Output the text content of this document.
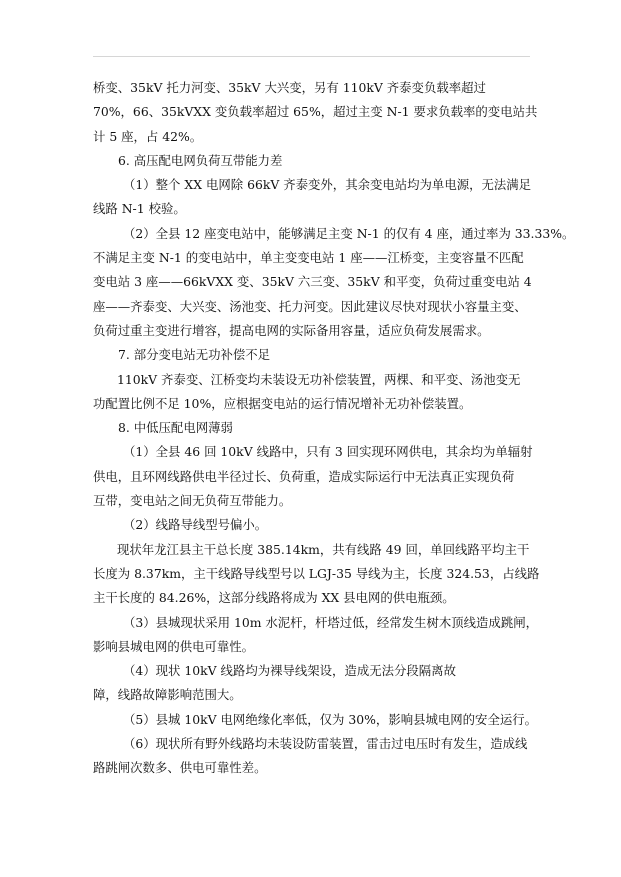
桥变、35kV 托力河变、35kV 大兴变，另有 110kV 齐泰变负载率超过
70%，66、35kVXX 变负载率超过 65%，超过主变 N-1 要求负载率的变电站共
计 5 座，占 42%。
6. 高压配电网负荷互带能力差
（1）整个 XX 电网除 66kV 齐泰变外，其余变电站均为单电源，无法满足
线路 N-1 校验。
（2）全县 12 座变电站中，能够满足主变 N-1 的仅有 4 座，通过率为 33.33%。
不满足主变 N-1 的变电站中，单主变变电站 1 座——江桥变，主变容量不匹配
变电站 3 座——66kVXX 变、35kV 六三变、35kV 和平变，负荷过重变电站 4
座——齐泰变、大兴变、汤池变、托力河变。因此建议尽快对现状小容量主变、
负荷过重主变进行增容，提高电网的实际备用容量，适应负荷发展需求。
7. 部分变电站无功补偿不足
110kV 齐泰变、江桥变均未装设无功补偿装置，两棵、和平变、汤池变无
功配置比例不足 10%，应根据变电站的运行情况增补无功补偿装置。
8. 中低压配电网薄弱
（1）全县 46 回 10kV 线路中，只有 3 回实现环网供电，其余均为单辐射
供电，且环网线路供电半径过长、负荷重，造成实际运行中无法真正实现负荷
互带，变电站之间无负荷互带能力。
（2）线路导线型号偏小。
现状年龙江县主干总长度 385.14km，共有线路 49 回，单回线路平均主干
长度为 8.37km，主干线路导线型号以 LGJ-35 导线为主，长度 324.53，占线路
主干长度的 84.26%，这部分线路将成为 XX 县电网的供电瓶颈。
（3）县城现状采用 10m 水泥杆，杆塔过低，经常发生树木顶线造成跳闸，
影响县城电网的供电可靠性。
（4）现状 10kV 线路均为裸导线架设，造成无法分段隔离故
障，线路故障影响范围大。
（5）县城 10kV 电网绝缘化率低，仅为 30%，影响县城电网的安全运行。
（6）现状所有野外线路均未装设防雷装置，雷击过电压时有发生，造成线
路跳闸次数多、供电可靠性差。
